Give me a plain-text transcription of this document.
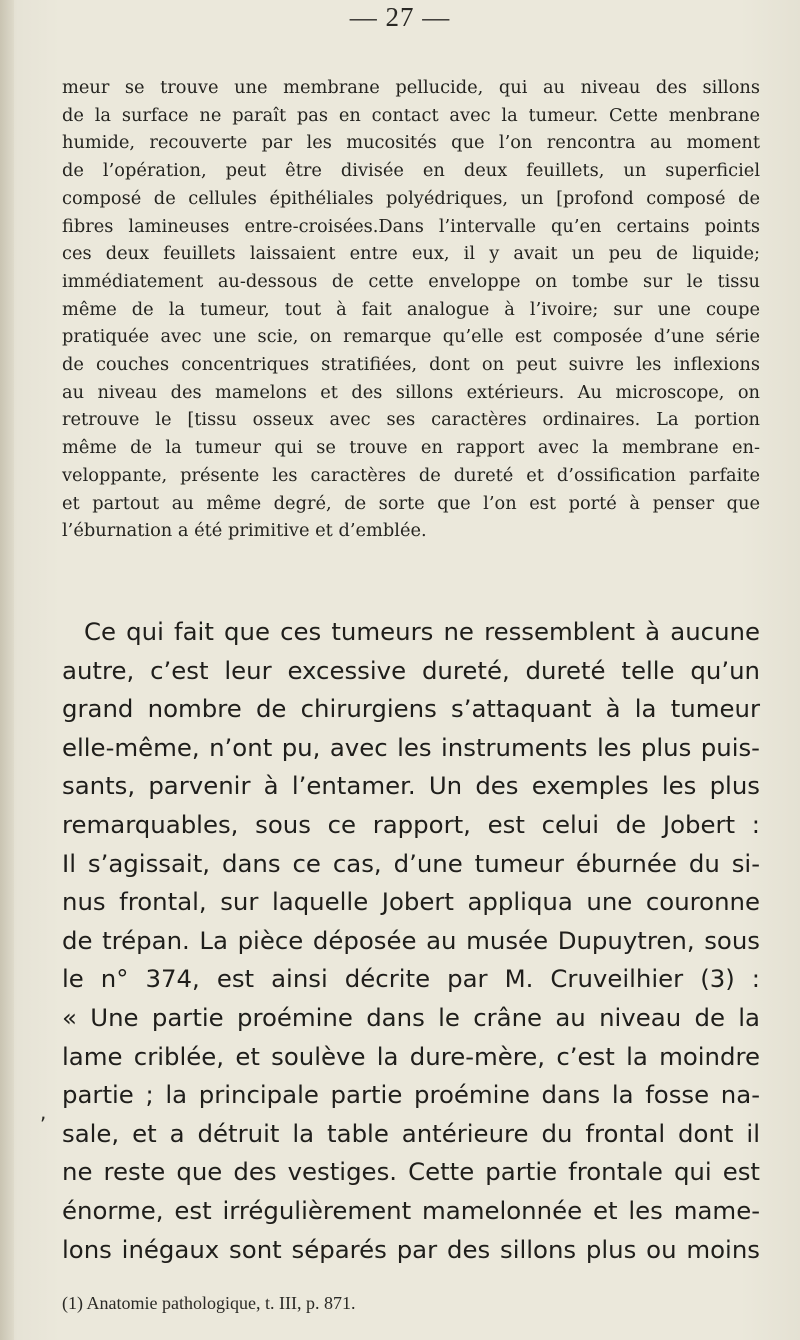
— 27 —
meur se trouve une membrane pellucide, qui au niveau des sillons
de la surface ne paraît pas en contact avec la tumeur. Cette menbrane
humide, recouverte par les mucosités que l’on rencontra au moment
de l’opération, peut être divisée en deux feuillets, un superficiel
composé de cellules épithéliales polyédriques, un [profond composé de
fibres lamineuses entre-croisées.Dans l’intervalle qu’en certains points
ces deux feuillets laissaient entre eux, il y avait un peu de liquide;
immédiatement au-dessous de cette enveloppe on tombe sur le tissu
même de la tumeur, tout à fait analogue à l’ivoire; sur une coupe
pratiquée avec une scie, on remarque qu’elle est composée d’une série
de couches concentriques stratifiées, dont on peut suivre les inflexions
au niveau des mamelons et des sillons extérieurs. Au microscope, on
retrouve le [tissu osseux avec ses caractères ordinaires. La portion
même de la tumeur qui se trouve en rapport avec la membrane en-
veloppante, présente les caractères de dureté et d’ossification parfaite
et partout au même degré, de sorte que l’on est porté à penser que
l’éburnation a été primitive et d’emblée.
Ce qui fait que ces tumeurs ne ressemblent à aucune
autre, c’est leur excessive dureté, dureté telle qu’un
grand nombre de chirurgiens s’attaquant à la tumeur
elle-même, n’ont pu, avec les instruments les plus puis-
sants, parvenir à l’entamer. Un des exemples les plus
remarquables, sous ce rapport, est celui de Jobert :
Il s’agissait, dans ce cas, d’une tumeur éburnée du si-
nus frontal, sur laquelle Jobert appliqua une couronne
de trépan. La pièce déposée au musée Dupuytren, sous
le n° 374, est ainsi décrite par M. Cruveilhier (3) :
« Une partie proémine dans le crâne au niveau de la
lame criblée, et soulève la dure-mère, c’est la moindre
partie ; la principale partie proémine dans la fosse na-
sale, et a détruit la table antérieure du frontal dont il
ne reste que des vestiges. Cette partie frontale qui est
énorme, est irrégulièrement mamelonnée et les mame-
lons inégaux sont séparés par des sillons plus ou moins
,
(1) Anatomie pathologique, t. III, p. 871.
